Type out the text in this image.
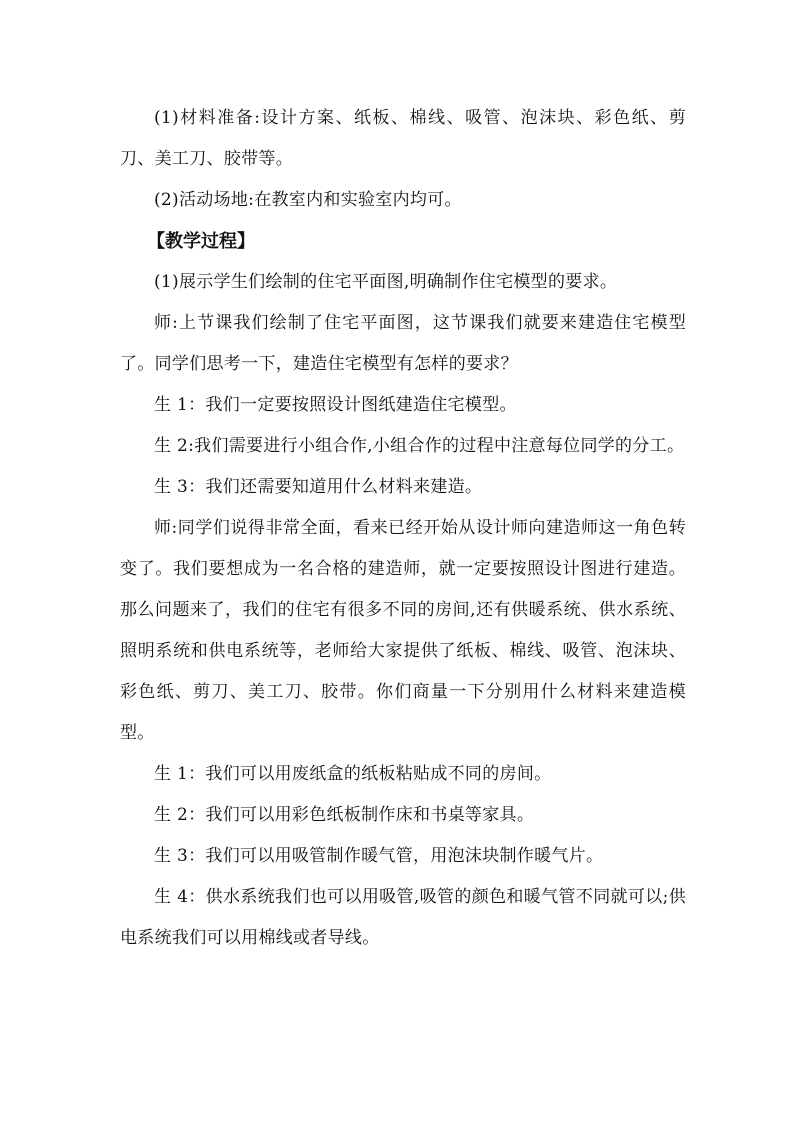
(1)材料准备:设计方案、纸板、棉线、吸管、泡沫块、彩色纸、剪刀、美工刀、胶带等。

(2)活动场地:在教室内和实验室内均可。

【教学过程】

(1)展示学生们绘制的住宅平面图,明确制作住宅模型的要求。

师:上节课我们绘制了住宅平面图，这节课我们就要来建造住宅模型了。同学们思考一下，建造住宅模型有怎样的要求？

生 1：我们一定要按照设计图纸建造住宅模型。

生 2:我们需要进行小组合作,小组合作的过程中注意每位同学的分工。

生 3：我们还需要知道用什么材料来建造。

师:同学们说得非常全面，看来已经开始从设计师向建造师这一角色转变了。我们要想成为一名合格的建造师，就一定要按照设计图进行建造。那么问题来了，我们的住宅有很多不同的房间,还有供暖系统、供水系统、照明系统和供电系统等，老师给大家提供了纸板、棉线、吸管、泡沫块、彩色纸、剪刀、美工刀、胶带。你们商量一下分别用什么材料来建造模型。

生 1：我们可以用废纸盒的纸板粘贴成不同的房间。

生 2：我们可以用彩色纸板制作床和书桌等家具。

生 3：我们可以用吸管制作暖气管，用泡沫块制作暖气片。

生 4：供水系统我们也可以用吸管,吸管的颜色和暖气管不同就可以;供电系统我们可以用棉线或者导线。
